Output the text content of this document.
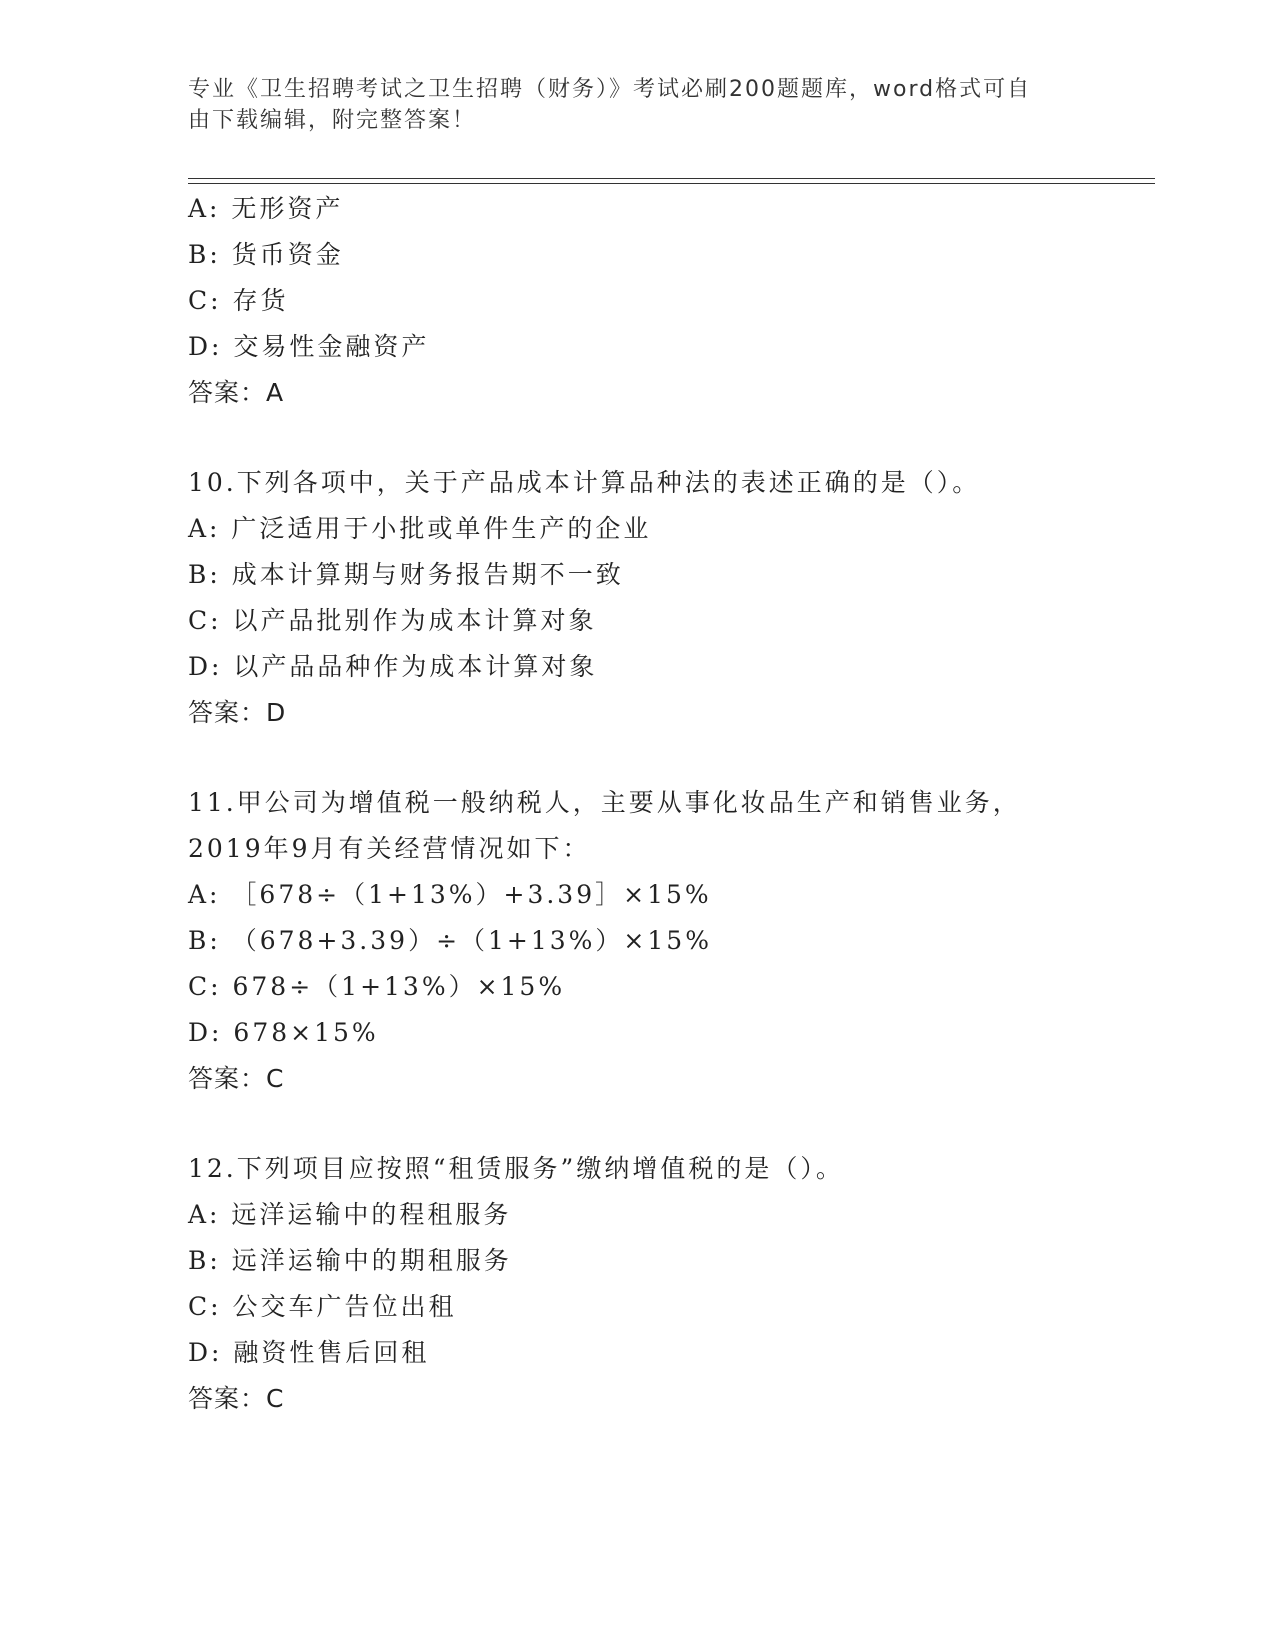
专业《卫生招聘考试之卫生招聘（财务）》考试必刷200题题库，word格式可自
由下载编辑，附完整答案！
A: 无形资产
B: 货币资金
C: 存货
D: 交易性金融资产
答案：A
10.下列各项中，关于产品成本计算品种法的表述正确的是（）。
A: 广泛适用于小批或单件生产的企业
B: 成本计算期与财务报告期不一致
C: 以产品批别作为成本计算对象
D: 以产品品种作为成本计算对象
答案：D
11.甲公司为增值税一般纳税人，主要从事化妆品生产和销售业务，
2019年9月有关经营情况如下：
A: ［678÷（1+13%）+3.39］×15%
B: （678+3.39）÷（1+13%）×15%
C: 678÷（1+13%）×15%
D: 678×15%
答案：C
12.下列项目应按照“租赁服务”缴纳增值税的是（）。
A: 远洋运输中的程租服务
B: 远洋运输中的期租服务
C: 公交车广告位出租
D: 融资性售后回租
答案：C
